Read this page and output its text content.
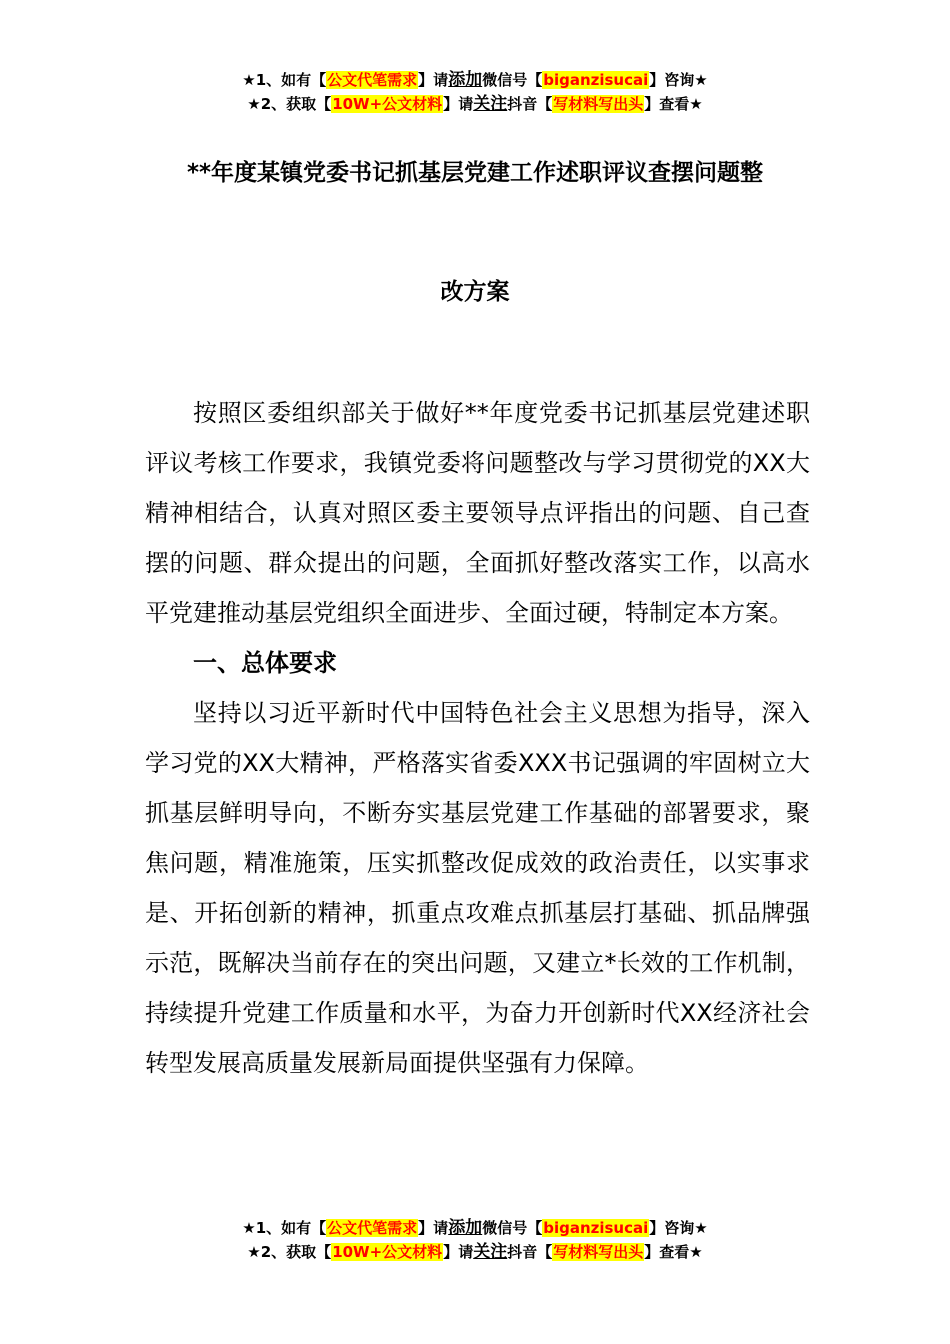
★1、如有【公文代笔需求】请添加微信号【biganzisucai】咨询★
★2、获取【10W+公文材料】请关注抖音【写材料写出头】查看★
**年度某镇党委书记抓基层党建工作述职评议查摆问题整
改方案

按照区委组织部关于做好**年度党委书记抓基层党建述职评议考核工作要求，我镇党委将问题整改与学习贯彻党的XX大精神相结合，认真对照区委主要领导点评指出的问题、自己查摆的问题、群众提出的问题，全面抓好整改落实工作，以高水平党建推动基层党组织全面进步、全面过硬，特制定本方案。

一、总体要求

坚持以习近平新时代中国特色社会主义思想为指导，深入学习党的XX大精神，严格落实省委XXX书记强调的牢固树立大抓基层鲜明导向，不断夯实基层党建工作基础的部署要求，聚焦问题，精准施策，压实抓整改促成效的政治责任，以实事求是、开拓创新的精神，抓重点攻难点抓基层打基础、抓品牌强示范，既解决当前存在的突出问题，又建立*长效的工作机制，持续提升党建工作质量和水平，为奋力开创新时代XX经济社会转型发展高质量发展新局面提供坚强有力保障。

★1、如有【公文代笔需求】请添加微信号【biganzisucai】咨询★
★2、获取【10W+公文材料】请关注抖音【写材料写出头】查看★
